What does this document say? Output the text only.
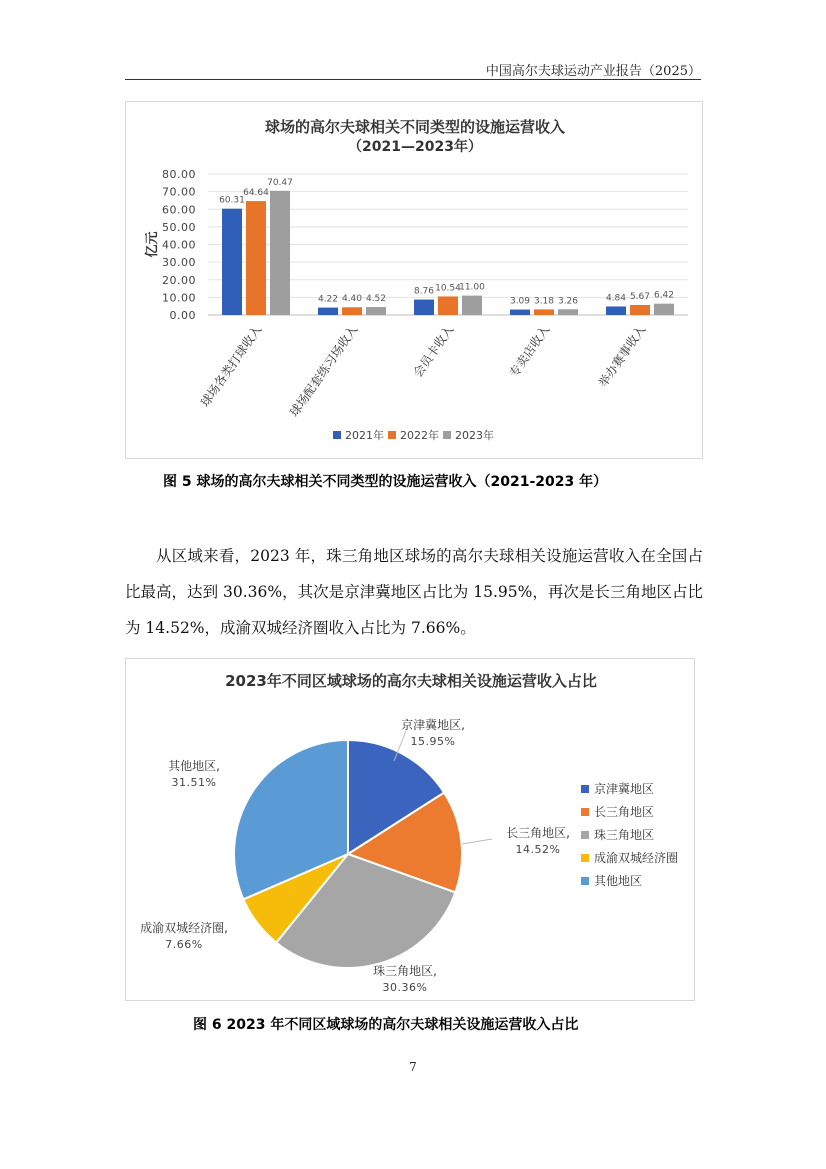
中国高尔夫球运动产业报告（2025）
球场的高尔夫球相关不同类型的设施运营收入
（2021—2023年）
0.00
10.00
20.00
30.00
40.00
50.00
60.00
70.00
80.00
亿元
60.31
64.64
70.47
球场各类打球收入
4.22 4.40 4.52
球场配套练习场收入
8.76 10.54
11.00
会员卡收入
3.09 3.18 3.26
专卖店收入
4.84 5.67 6.42
举办赛事收入
2021年 2022年 2023年
图 5 球场的高尔夫球相关不同类型的设施运营收入（2021-2023 年）
从区域来看，2023 年，珠三角地区球场的高尔夫球相关设施运营收入在全国占比最高，达到 30.36%，其次是京津冀地区占比为 15.95%，再次是长三角地区占比为 14.52%，成渝双城经济圈收入占比为 7.66%。
2023年不同区域球场的高尔夫球相关设施运营收入占比
京津冀地区,
15.95%
长三角地区,
14.52%
珠三角地区,
30.36%
成渝双城经济圈,
7.66%
其他地区,
31.51%	京津冀地区
长三角地区
珠三角地区
成渝双城经济圈
其他地区
图 6 2023 年不同区域球场的高尔夫球相关设施运营收入占比
7
